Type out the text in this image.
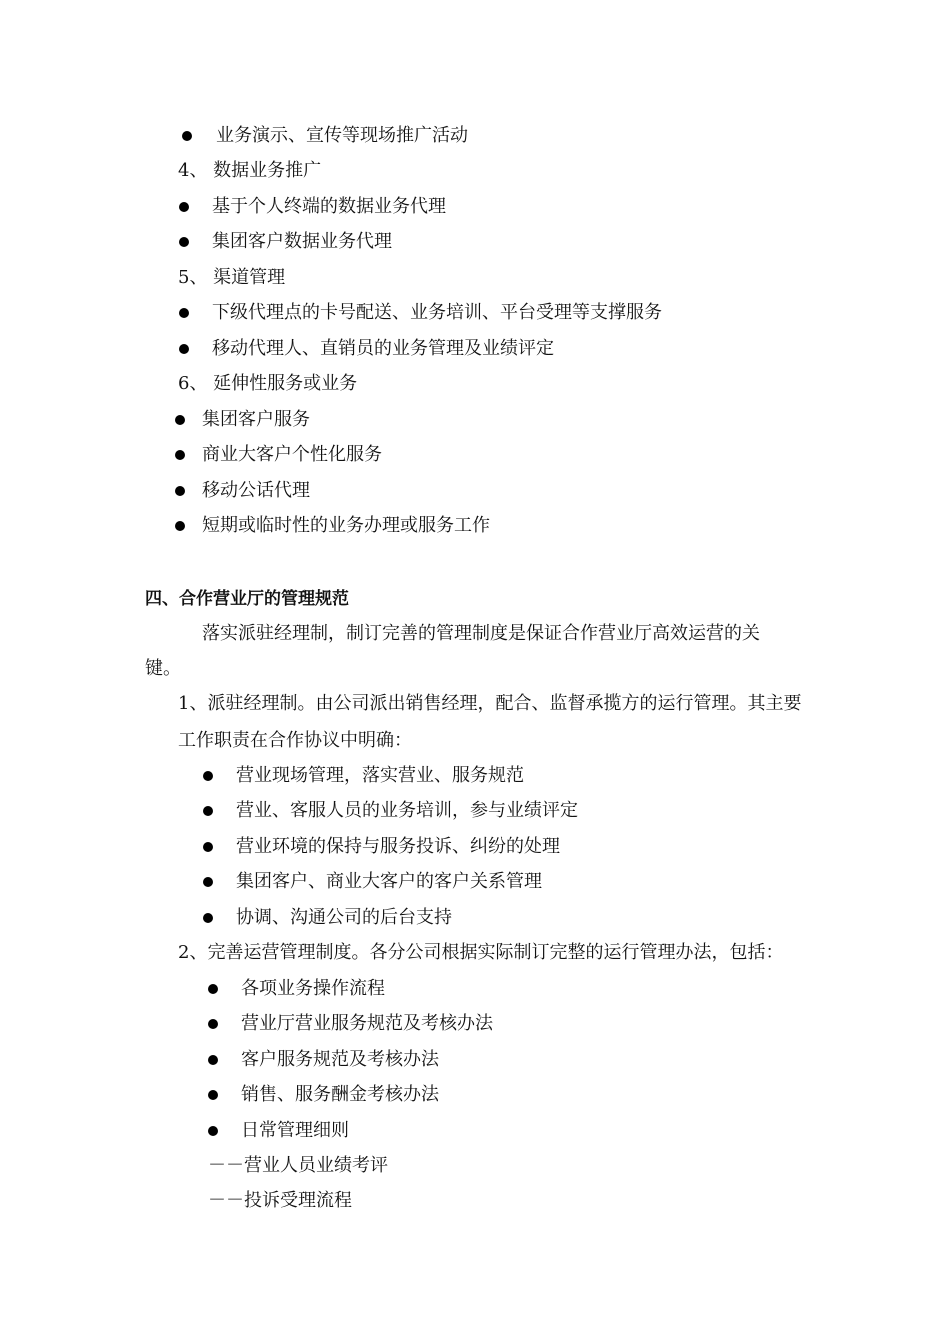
业务演示、宣传等现场推广活动
4、 数据业务推广
基于个人终端的数据业务代理
集团客户数据业务代理
5、 渠道管理
下级代理点的卡号配送、业务培训、平台受理等支撑服务
移动代理人、直销员的业务管理及业绩评定
6、 延伸性服务或业务
集团客户服务
商业大客户个性化服务
移动公话代理
短期或临时性的业务办理或服务工作
四、合作营业厅的管理规范
落实派驻经理制，制订完善的管理制度是保证合作营业厅高效运营的关
键。
1、派驻经理制。由公司派出销售经理，配合、监督承揽方的运行管理。其主要
工作职责在合作协议中明确：
营业现场管理，落实营业、服务规范
营业、客服人员的业务培训，参与业绩评定
营业环境的保持与服务投诉、纠纷的处理
集团客户、商业大客户的客户关系管理
协调、沟通公司的后台支持
2、完善运营管理制度。各分公司根据实际制订完整的运行管理办法，包括：
各项业务操作流程
营业厅营业服务规范及考核办法
客户服务规范及考核办法
销售、服务酬金考核办法
日常管理细则
－－营业人员业绩考评
－－投诉受理流程
